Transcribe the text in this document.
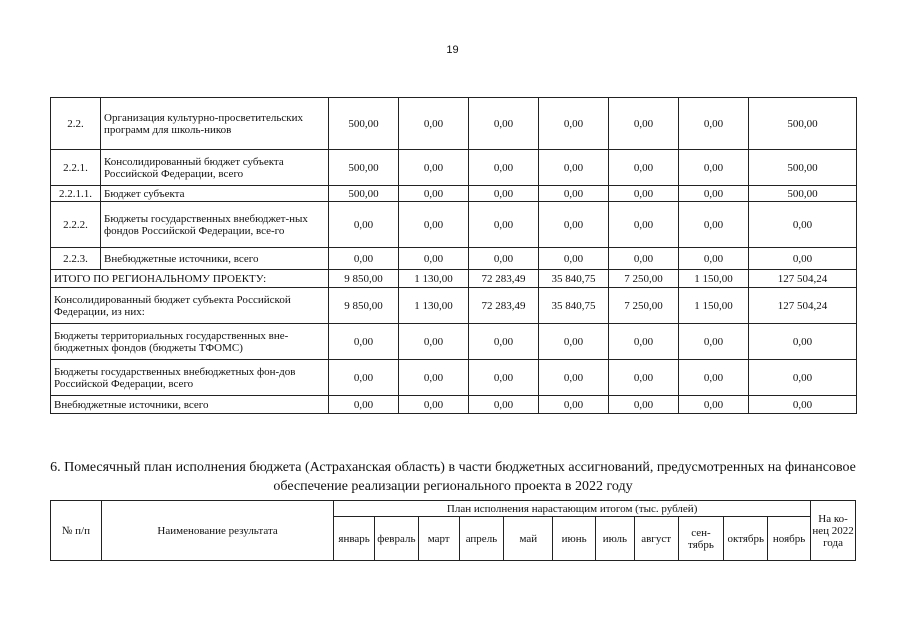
19
2.2.	Организация культурно-просветительских программ для школь-ников	500,00	0,00	0,00	0,00	0,00	0,00	500,00
2.2.1.	Консолидированный бюджет субъекта Российской Федерации, всего	500,00	0,00	0,00	0,00	0,00	0,00	500,00
2.2.1.1.	Бюджет субъекта	500,00	0,00	0,00	0,00	0,00	0,00	500,00
2.2.2.	Бюджеты государственных внебюджет-ных фондов Российской Федерации, все-го	0,00	0,00	0,00	0,00	0,00	0,00	0,00
2.2.3.	Внебюджетные источники, всего	0,00	0,00	0,00	0,00	0,00	0,00	0,00
ИТОГО ПО РЕГИОНАЛЬНОМУ ПРОЕКТУ:		9 850,00	1 130,00	72 283,49	35 840,75	7 250,00	1 150,00	127 504,24
Консолидированный бюджет субъекта Российской Федерации, из них:		9 850,00	1 130,00	72 283,49	35 840,75	7 250,00	1 150,00	127 504,24
Бюджеты территориальных государственных вне-бюджетных фондов (бюджеты ТФОМС)		0,00	0,00	0,00	0,00	0,00	0,00	0,00
Бюджеты государственных внебюджетных фон-дов Российской Федерации, всего		0,00	0,00	0,00	0,00	0,00	0,00	0,00
Внебюджетные источники, всего		0,00	0,00	0,00	0,00	0,00	0,00	0,00
6. Помесячный план исполнения бюджета (Астраханская область) в части бюджетных ассигнований, предусмотренных на финансовое обеспечение реализации регионального проекта в 2022 году
№ п/п	Наименование результата	План исполнения нарастающим итогом (тыс. рублей)											На ко-нец 2022 года
		январь	февраль	март	апрель	май	июнь	июль	август	сен-тябрь	октябрь	ноябрь	
